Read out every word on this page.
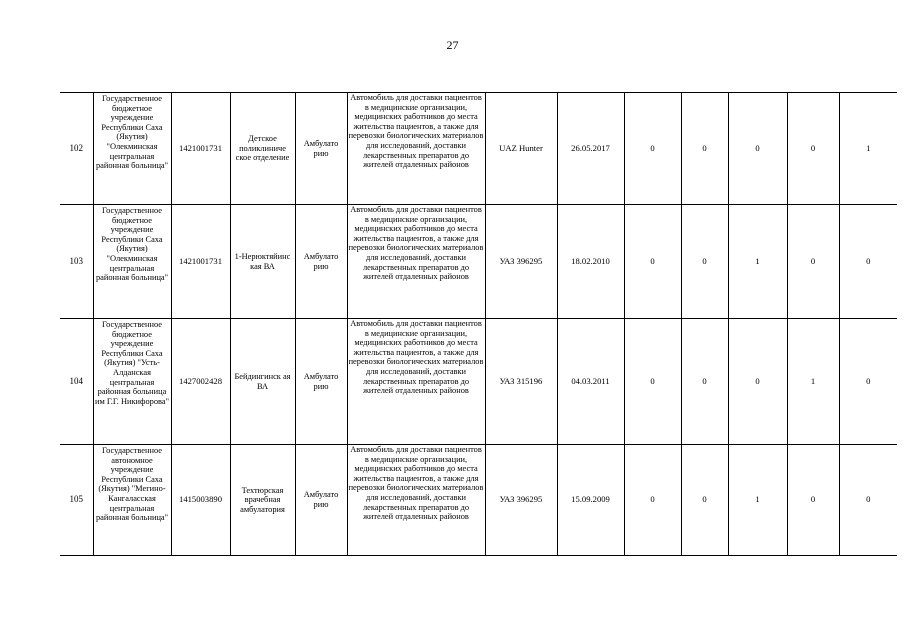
27
102	Государственное бюджетное учреждение Республики Саха (Якутия) "Олекминская центральная районная больница"	1421001731	Детское поликлиниче ское отделение	Амбулато рию	Автомобиль для доставки пациентов в медицинские организации, медицинских работников до места жительства пациентов, а также для перевозки биологических материалов для исследований, доставки лекарственных препаратов до жителей отдаленных районов	UAZ Hunter	26.05.2017	0	0	0	0	1
103	Государственное бюджетное учреждение Республики Саха (Якутия) "Олекминская центральная районная больница"	1421001731	1-Нерюктяйинс кая ВА	Амбулато рию	Автомобиль для доставки пациентов в медицинские организации, медицинских работников до места жительства пациентов, а также для перевозки биологических материалов для исследований, доставки лекарственных препаратов до жителей отдаленных районов	УАЗ 396295	18.02.2010	0	0	1	0	0
104	Государственное бюджетное учреждение Республики Саха (Якутия) "Усть-Алданская центральная районная больница им Г.Г. Никифорова"	1427002428	Бейдингинск ая ВА	Амбулато рию	Автомобиль для доставки пациентов в медицинские организации, медицинских работников до места жительства пациентов, а также для перевозки биологических материалов для исследований, доставки лекарственных препаратов до жителей отдаленных районов	УАЗ 315196	04.03.2011	0	0	0	1	0
105	Государственное автономное учреждение Республики Саха (Якутия) "Мегино-Кангаласская центральная районная больница"	1415003890	Техтюрская врачебная амбулатория	Амбулато рию	Автомобиль для доставки пациентов в медицинские организации, медицинских работников до места жительства пациентов, а также для перевозки биологических материалов для исследований, доставки лекарственных препаратов до жителей отдаленных районов	УАЗ 396295	15.09.2009	0	0	1	0	0
